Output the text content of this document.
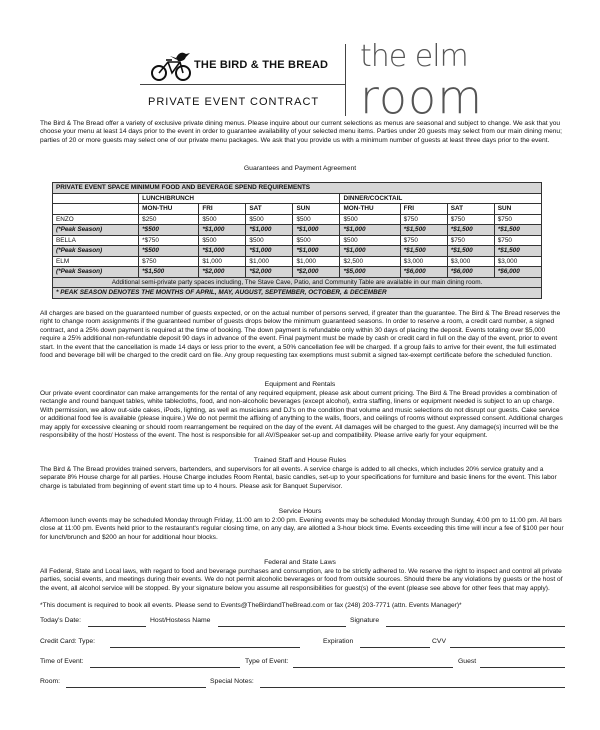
THE BIRD & THE BREAD
PRIVATE EVENT CONTRACT
the elm
room
The Bird & The Bread offer a variety of exclusive private dining menus. Please inquire about our current selections as menus are seasonal and subject to change. We ask that you choose your menu at least 14 days prior to the event in order to guarantee availability of your selected menu items. Parties under 20 guests may select from our main dining menu; parties of 20 or more guests may select one of our private menu packages. We ask that you provide us with a minimum number of guests at least three days prior to the event.
Guarantees and Payment Agreement
PRIVATE EVENT SPACE MINIMUM FOOD AND BEVERAGE SPEND REQUIREMENTS								
	LUNCH/BRUNCH				DINNER/COCKTAIL			
	MON-THU	FRI	SAT	SUN	MON-THU	FRI	SAT	SUN
ENZO	$250	$500	$500	$500	$500	$750	$750	$750
(*Peak Season)	*$500	*$1,000	*$1,000	*$1,000	*$1,000	*$1,500	*$1,500	*$1,500
BELLA	*$750	$500	$500	$500	$500	$750	$750	$750
(*Peak Season)	*$500	*$1,000	*$1,000	*$1,000	*$1,000	*$1,500	*$1,500	*$1,500
ELM	$750	$1,000	$1,000	$1,000	$2,500	$3,000	$3,000	$3,000
(*Peak Season)	*$1,500	*$2,000	*$2,000	*$2,000	*$5,000	*$6,000	*$6,000	*$6,000
Additional semi-private party spaces including, The Stave Cave, Patio, and Community Table are available in our main dining room.								
* PEAK SEASON DENOTES THE MONTHS OF APRIL, MAY, AUGUST, SEPTEMBER, OCTOBER, & DECEMBER								
All charges are based on the guaranteed number of guests expected, or on the actual number of persons served, if greater than the guarantee. The Bird & The Bread reserves the right to change room assignments if the guaranteed number of guests drops below the minimum guaranteed seasons. In order to reserve a room, a credit card number, a signed contract, and a 25% down payment is required at the time of booking. The down payment is refundable only within 30 days of placing the deposit. Events totaling over $5,000 require a 25% additional non-refundable deposit 90 days in advance of the event. Final payment must be made by cash or credit card in full on the day of the event, prior to event start. In the event that the cancellation is made 14 days or less prior to the event, a 50% cancellation fee will be charged. If a group fails to arrive for their event, the full estimated food and beverage bill will be charged to the credit card on file. Any group requesting tax exemptions must submit a signed tax-exempt certificate before the scheduled function.
Equipment and Rentals
Our private event coordinator can make arrangements for the rental of any required equipment, please ask about current pricing. The Bird & The Bread provides a combination of rectangle and round banquet tables, white tablecloths, food, and non-alcoholic beverages (except alcohol), extra staffing, linens or equipment needed is subject to an up charge. With permission, we allow out-side cakes, iPods, lighting, as well as musicians and DJ's on the condition that volume and music selections do not disrupt our guests. Cake service or additional food fee is available (please inquire.) We do not permit the affixing of anything to the walls, floors, and ceilings of rooms without expressed consent. Additional charges may apply for excessive cleaning or should room rearrangement be required on the day of the event. All damages will be charged to the guest. Any damage(s) incurred will be the responsibility of the host/ Hostess of the event. The host is responsible for all AV/Speaker set-up and compatibility. Please arrive early for your equipment.
Trained Staff and House Rules
The Bird & The Bread provides trained servers, bartenders, and supervisors for all events. A service charge is added to all checks, which includes 20% service gratuity and a separate 8% House charge for all parties. House Charge includes Room Rental, basic candles, set-up to your specifications for furniture and basic linens for the event. This labor charge is tabulated from beginning of event start time up to 4 hours. Please ask for Banquet Supervisor.
Service Hours
Afternoon lunch events may be scheduled Monday through Friday, 11:00 am to 2:00 pm. Evening events may be scheduled Monday through Sunday, 4:00 pm to 11:00 pm. All bars close at 11:00 pm. Events held prior to the restaurant's regular closing time, on any day, are allotted a 3-hour block time. Events exceeding this time will incur a fee of $100 per hour for lunch/brunch and $200 an hour for additional hour blocks.
Federal and State Laws
All Federal, State and Local laws, with regard to food and beverage purchases and consumption, are to be strictly adhered to. We reserve the right to inspect and control all private parties, social events, and meetings during their events. We do not permit alcoholic beverages or food from outside sources. Should there be any violations by guests or the host of the event, all alcohol service will be stopped. By your signature below you assume all responsibilities for guest(s) of the event (please see above for other fees that may apply).
*This document is required to book all events. Please send to Events@TheBirdandTheBread.com or fax (248) 203-7771 (attn. Events Manager)*
Today's Date:	Host/Hostess Name	Signature
Credit Card: Type:	Expiration	CVV
Time of Event:	Type of Event:	Guest
Room:	Special Notes:
